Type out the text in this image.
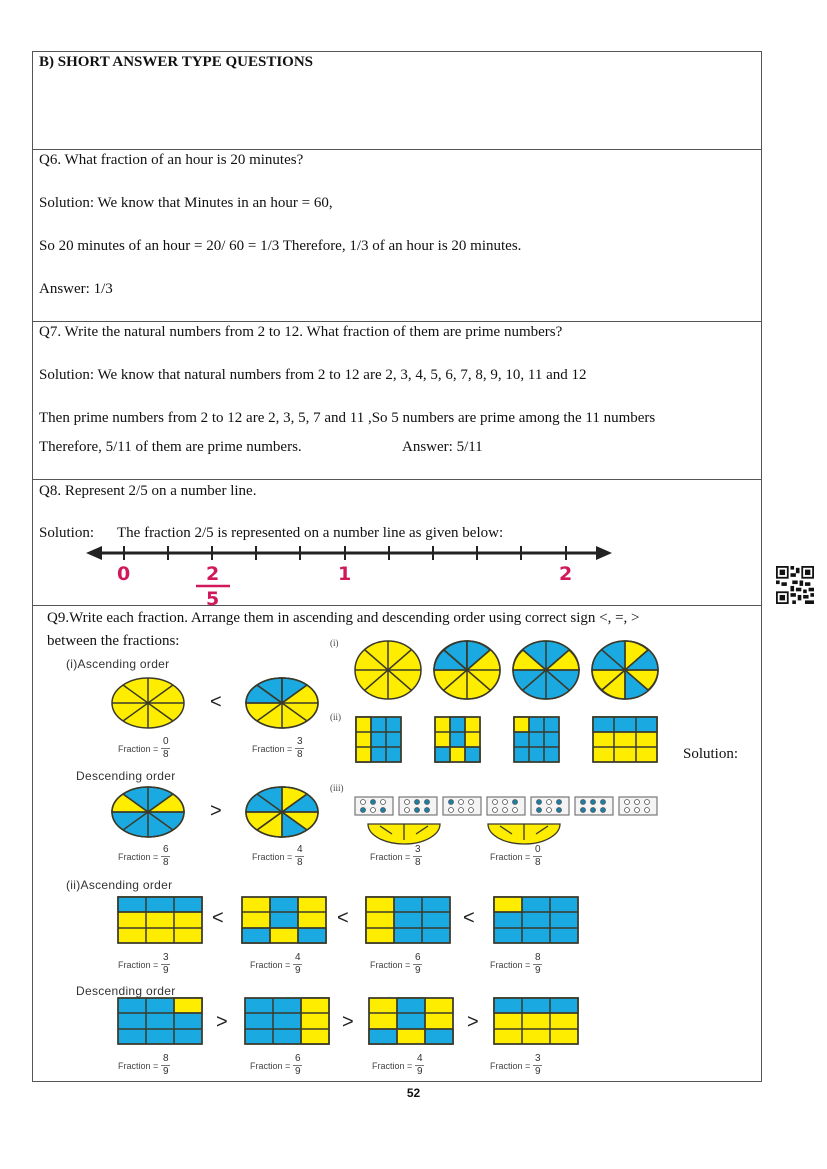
B) SHORT ANSWER TYPE QUESTIONS
Q6. What fraction of an hour is 20 minutes?
Solution: We know that Minutes in an hour = 60,
So 20 minutes of an hour = 20/ 60 = 1/3 Therefore, 1/3 of an hour is 20 minutes.
Answer: 1/3
Q7. Write the natural numbers from 2 to 12. What fraction of them are prime numbers?
Solution: We know that natural numbers from 2 to 12 are 2, 3, 4, 5, 6, 7, 8, 9, 10, 11 and 12
Then prime numbers from 2 to 12 are 2, 3, 5, 7 and 11 ,So 5 numbers are prime among the 11 numbers
Therefore, 5/11 of them are prime numbers.	Answer: 5/11
Q8. Represent 2/5 on a number line.
Solution: The fraction 2/5 is represented on a number line as given below:
0	2
5
1	2
Q9.Write each fraction. Arrange them in ascending and descending order using correct sign <, =, >
between the fractions:
Solution:
(i)
(ii)
(iii)
(i)Ascending order
Descending order
(ii)Ascending order
Descending order
<
>
<	<	<
>	>	>
Fraction = $\frac{0}{8}$	Fraction = $\frac{3}{8}$
Fraction = $\frac{6}{8}$	Fraction = $\frac{4}{8}$	Fraction = $\frac{3}{8}$	Fraction = $\frac{0}{8}$
Fraction = $\frac{3}{9}$	Fraction = $\frac{4}{9}$	Fraction = $\frac{6}{9}$	Fraction = $\frac{8}{9}$
Fraction = $\frac{8}{9}$	Fraction = $\frac{6}{9}$	Fraction = $\frac{4}{9}$	Fraction = $\frac{3}{9}$
52
